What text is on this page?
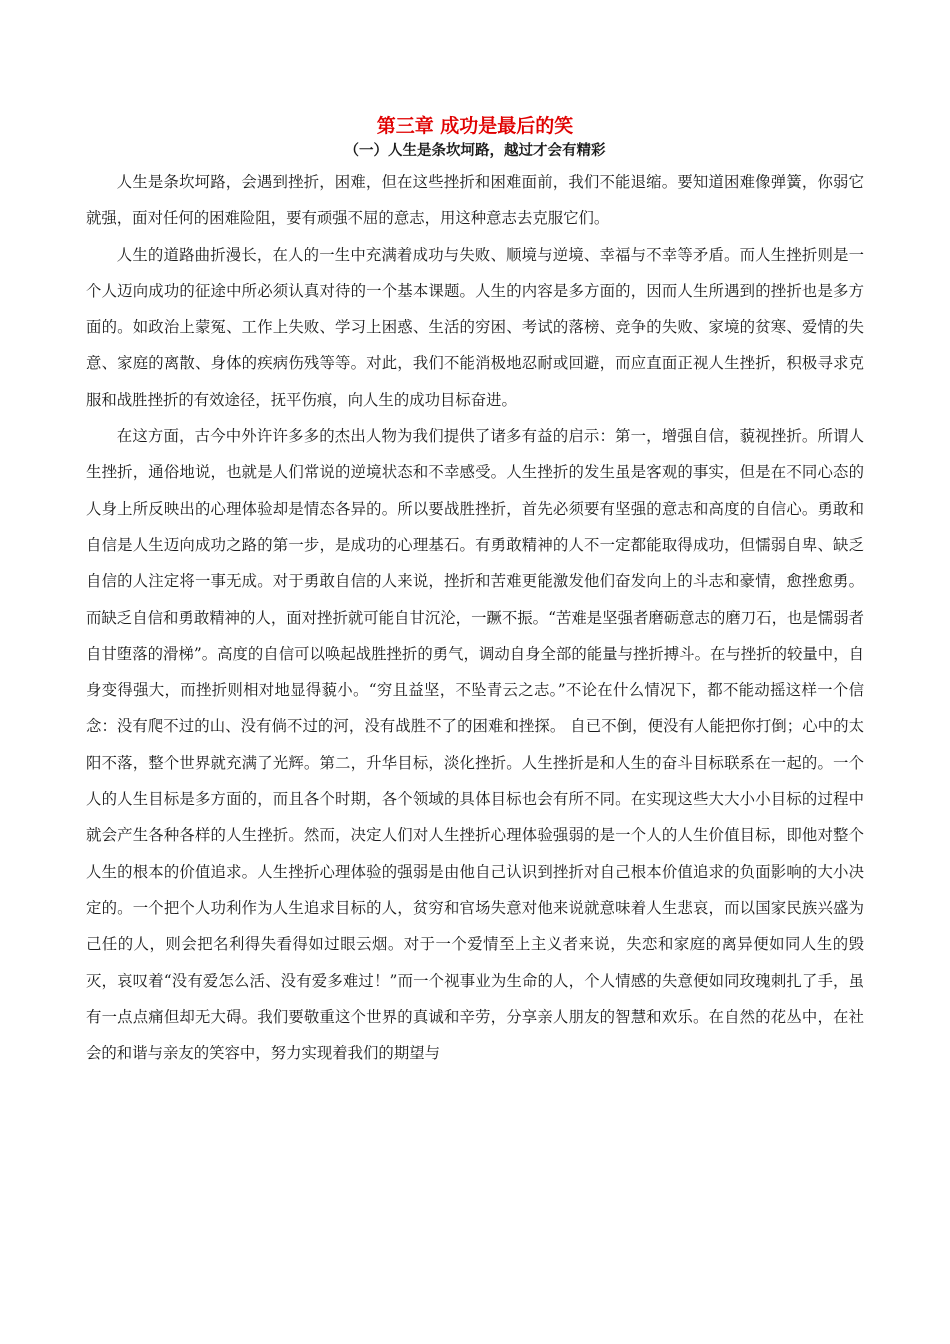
第三章 成功是最后的笑
（一）人生是条坎坷路，越过才会有精彩

人生是条坎坷路，会遇到挫折，困难，但在这些挫折和困难面前，我们不能退缩。要知道困难像弹簧，你弱它就强，面对任何的困难险阻，要有顽强不屈的意志，用这种意志去克服它们。

人生的道路曲折漫长，在人的一生中充满着成功与失败、顺境与逆境、幸福与不幸等矛盾。而人生挫折则是一个人迈向成功的征途中所必须认真对待的一个基本课题。人生的内容是多方面的，因而人生所遇到的挫折也是多方面的。如政治上蒙冤、工作上失败、学习上困惑、生活的穷困、考试的落榜、竞争的失败、家境的贫寒、爱情的失意、家庭的离散、身体的疾病伤残等等。对此，我们不能消极地忍耐或回避，而应直面正视人生挫折，积极寻求克服和战胜挫折的有效途径，抚平伤痕，向人生的成功目标奋进。

在这方面，古今中外许许多多的杰出人物为我们提供了诸多有益的启示：第一，增强自信，藐视挫折。所谓人生挫折，通俗地说，也就是人们常说的逆境状态和不幸感受。人生挫折的发生虽是客观的事实，但是在不同心态的人身上所反映出的心理体验却是情态各异的。所以要战胜挫折，首先必须要有坚强的意志和高度的自信心。勇敢和自信是人生迈向成功之路的第一步，是成功的心理基石。有勇敢精神的人不一定都能取得成功，但懦弱自卑、缺乏自信的人注定将一事无成。对于勇敢自信的人来说，挫折和苦难更能激发他们奋发向上的斗志和豪情，愈挫愈勇。而缺乏自信和勇敢精神的人，面对挫折就可能自甘沉沦，一蹶不振。“苦难是坚强者磨砺意志的磨刀石，也是懦弱者自甘堕落的滑梯”。高度的自信可以唤起战胜挫折的勇气，调动自身全部的能量与挫折搏斗。在与挫折的较量中，自身变得强大，而挫折则相对地显得藐小。“穷且益坚，不坠青云之志。”不论在什么情况下，都不能动摇这样一个信念：没有爬不过的山、没有倘不过的河，没有战胜不了的困难和挫探。 自已不倒，便没有人能把你打倒；心中的太阳不落，整个世界就充满了光辉。第二，升华目标，淡化挫折。人生挫折是和人生的奋斗目标联系在一起的。一个人的人生目标是多方面的，而且各个时期，各个领域的具体目标也会有所不同。在实现这些大大小小目标的过程中就会产生各种各样的人生挫折。然而，决定人们对人生挫折心理体验强弱的是一个人的人生价值目标，即他对整个人生的根本的价值追求。人生挫折心理体验的强弱是由他自己认识到挫折对自己根本价值追求的负面影响的大小决定的。一个把个人功利作为人生追求目标的人，贫穷和官场失意对他来说就意味着人生悲哀，而以国家民族兴盛为己任的人，则会把名利得失看得如过眼云烟。对于一个爱情至上主义者来说，失恋和家庭的离异便如同人生的毁灭，哀叹着“没有爱怎么活、没有爱多难过！”而一个视事业为生命的人，个人情感的失意便如同玫瑰刺扎了手，虽有一点点痛但却无大碍。我们要敬重这个世界的真诚和辛劳，分享亲人朋友的智慧和欢乐。在自然的花丛中，在社会的和谐与亲友的笑容中，努力实现着我们的期望与
